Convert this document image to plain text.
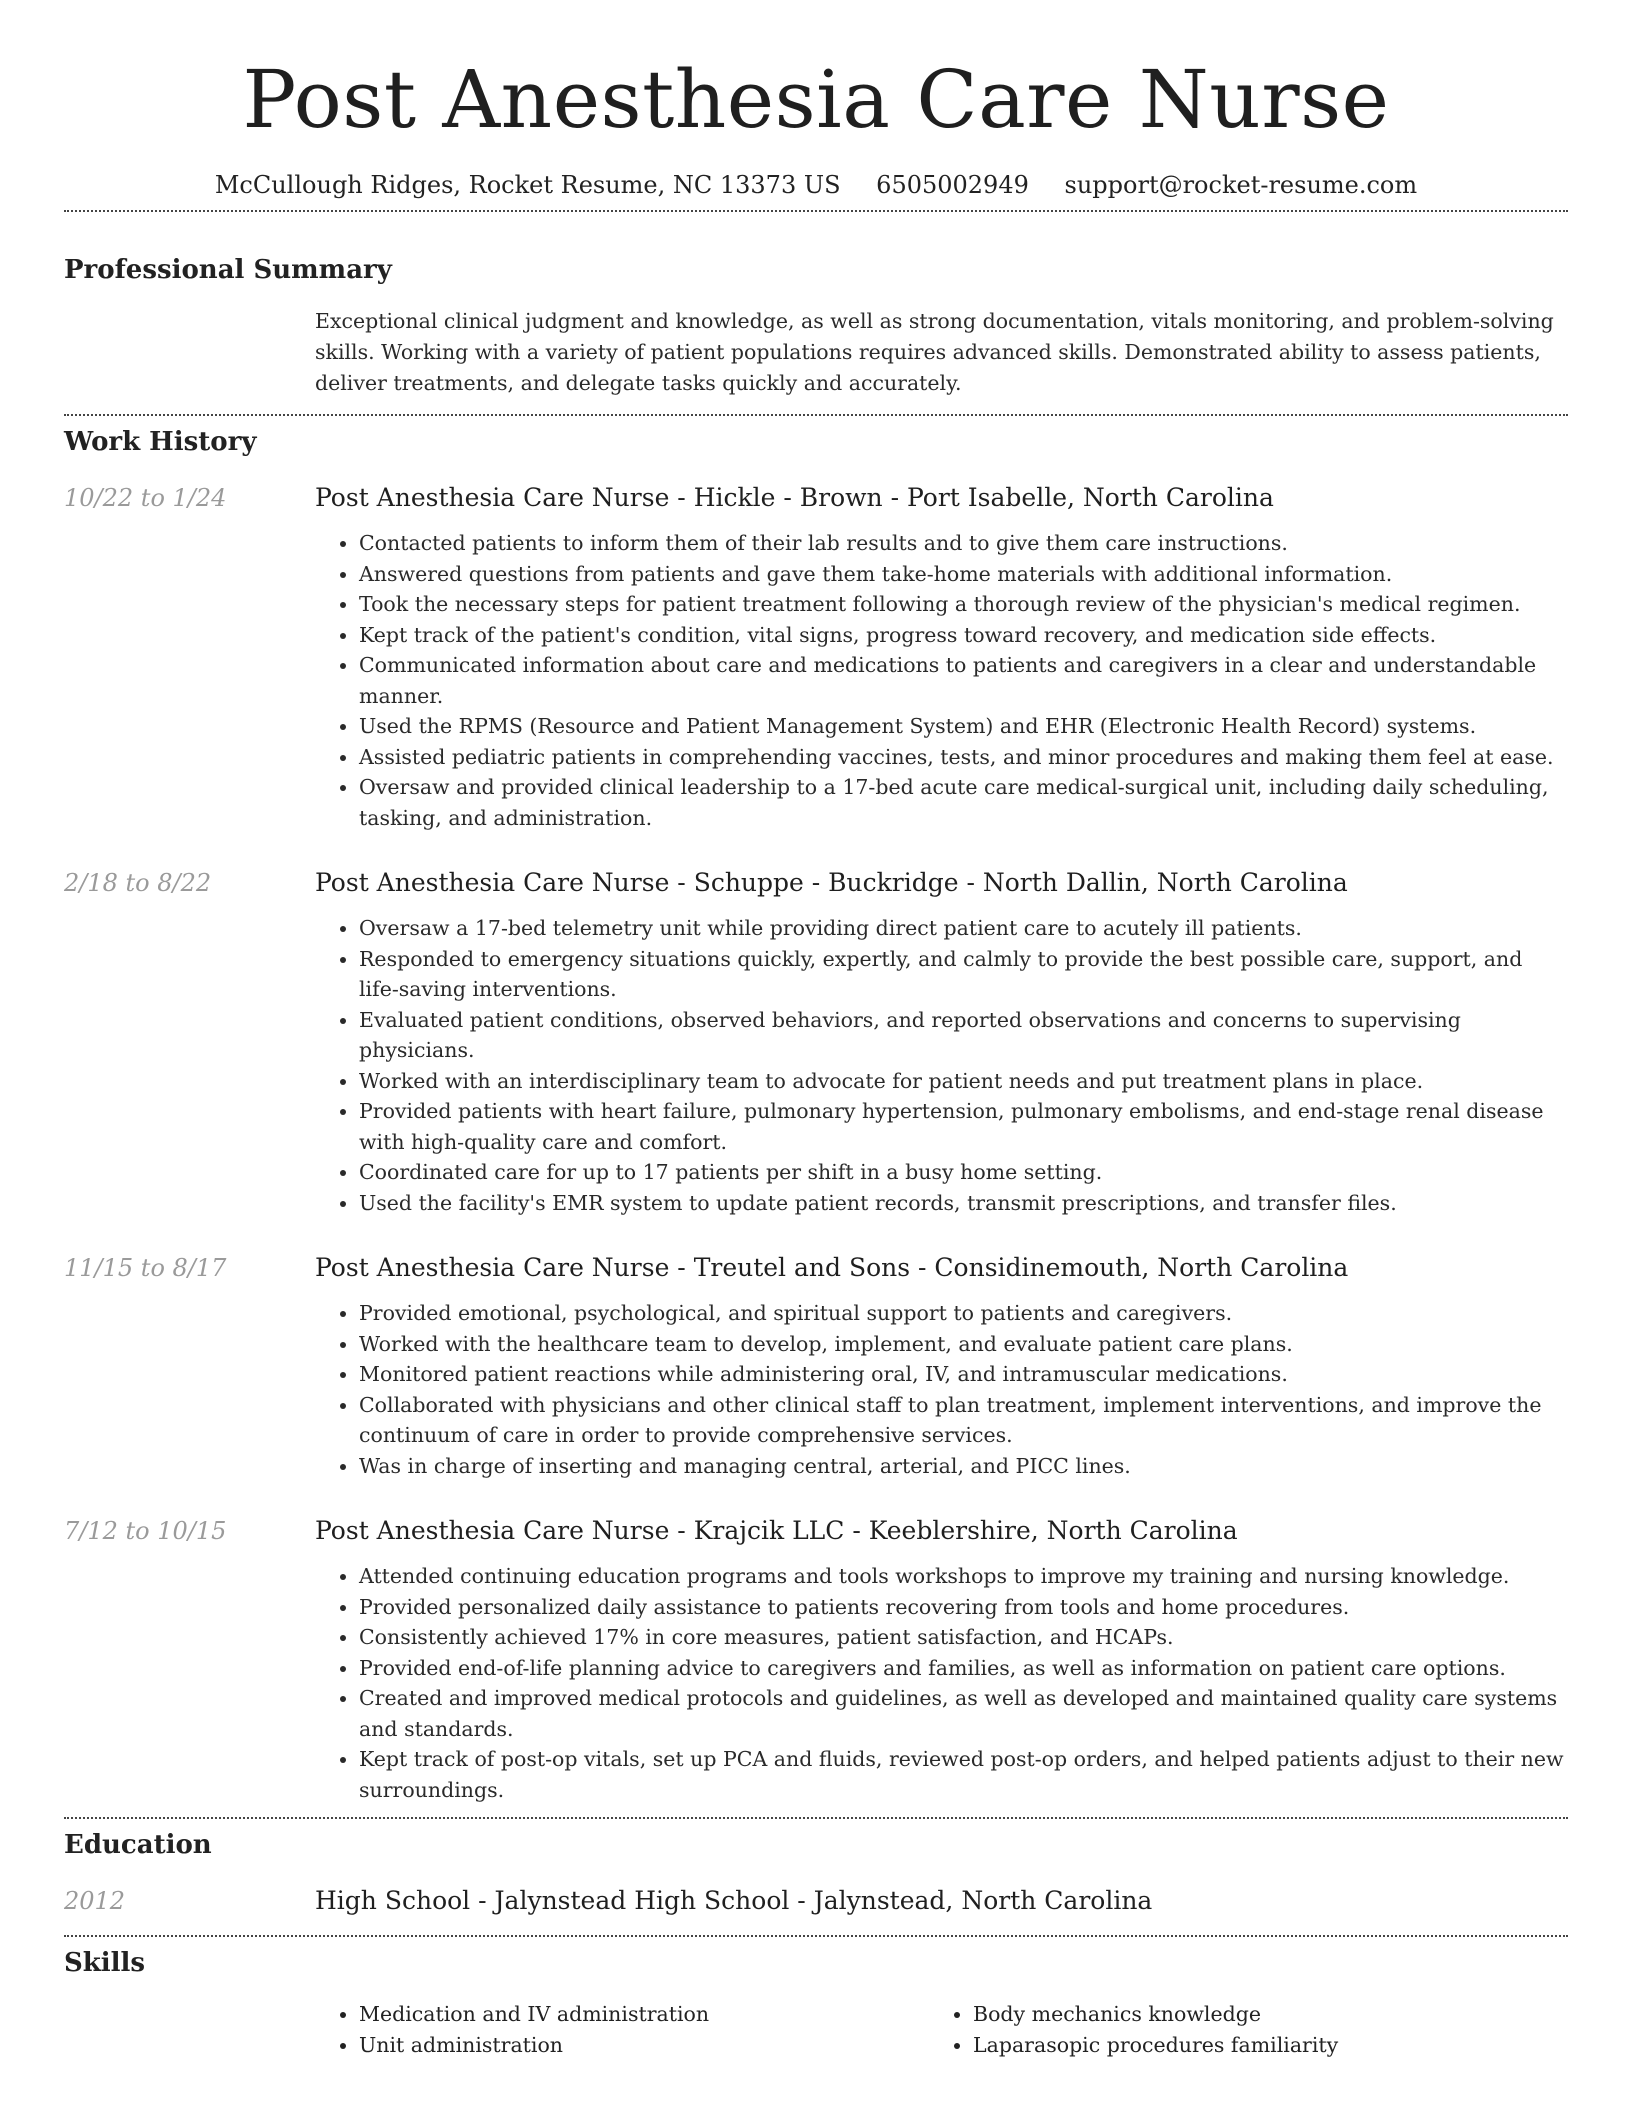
Post Anesthesia Care Nurse
McCullough Ridges, Rocket Resume, NC 13373 US 6505002949 support@rocket-resume.com
Professional Summary

Exceptional clinical judgment and knowledge, as well as strong documentation, vitals monitoring, and problem-solving skills. Working with a variety of patient populations requires advanced skills. Demonstrated ability to assess patients, deliver treatments, and delegate tasks quickly and accurately.

Work History
10/22 to 1/24	Post Anesthesia Care Nurse - Hickle - Brown - Port Isabelle, North Carolina
• Contacted patients to inform them of their lab results and to give them care instructions.
• Answered questions from patients and gave them take-home materials with additional information.
• Took the necessary steps for patient treatment following a thorough review of the physician's medical regimen.
• Kept track of the patient's condition, vital signs, progress toward recovery, and medication side effects.
• Communicated information about care and medications to patients and caregivers in a clear and understandable manner.
• Used the RPMS (Resource and Patient Management System) and EHR (Electronic Health Record) systems.
• Assisted pediatric patients in comprehending vaccines, tests, and minor procedures and making them feel at ease.
• Oversaw and provided clinical leadership to a 17-bed acute care medical-surgical unit, including daily scheduling, tasking, and administration.
2/18 to 8/22	Post Anesthesia Care Nurse - Schuppe - Buckridge - North Dallin, North Carolina
• Oversaw a 17-bed telemetry unit while providing direct patient care to acutely ill patients.
• Responded to emergency situations quickly, expertly, and calmly to provide the best possible care, support, and life-saving interventions.
• Evaluated patient conditions, observed behaviors, and reported observations and concerns to supervising physicians.
• Worked with an interdisciplinary team to advocate for patient needs and put treatment plans in place.
• Provided patients with heart failure, pulmonary hypertension, pulmonary embolisms, and end-stage renal disease with high-quality care and comfort.
• Coordinated care for up to 17 patients per shift in a busy home setting.
• Used the facility's EMR system to update patient records, transmit prescriptions, and transfer files.
11/15 to 8/17	Post Anesthesia Care Nurse - Treutel and Sons - Considinemouth, North Carolina
• Provided emotional, psychological, and spiritual support to patients and caregivers.
• Worked with the healthcare team to develop, implement, and evaluate patient care plans.
• Monitored patient reactions while administering oral, IV, and intramuscular medications.
• Collaborated with physicians and other clinical staff to plan treatment, implement interventions, and improve the continuum of care in order to provide comprehensive services.
• Was in charge of inserting and managing central, arterial, and PICC lines.
7/12 to 10/15	Post Anesthesia Care Nurse - Krajcik LLC - Keeblershire, North Carolina
• Attended continuing education programs and tools workshops to improve my training and nursing knowledge.
• Provided personalized daily assistance to patients recovering from tools and home procedures.
• Consistently achieved 17% in core measures, patient satisfaction, and HCAPs.
• Provided end-of-life planning advice to caregivers and families, as well as information on patient care options.
• Created and improved medical protocols and guidelines, as well as developed and maintained quality care systems and standards.
• Kept track of post-op vitals, set up PCA and fluids, reviewed post-op orders, and helped patients adjust to their new surroundings.
Education
2012	High School - Jalynstead High School - Jalynstead, North Carolina
Skills
• Medication and IV administration
• Unit administration
• Body mechanics knowledge
• Laparasopic procedures familiarity
